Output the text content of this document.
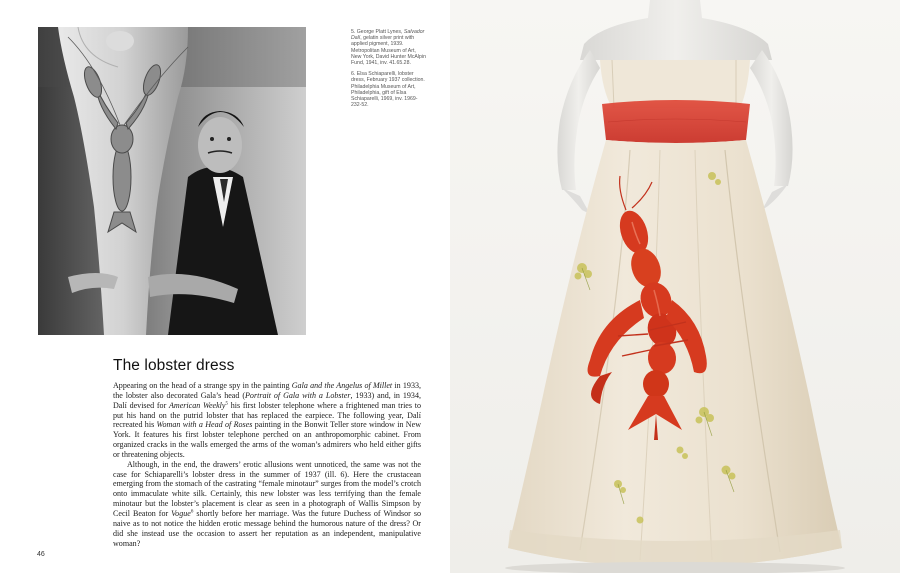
5. George Platt Lynes, Salvador Dalí, gelatin silver print with applied pigment, 1939. Metropolitan Museum of Art, New York, David Hunter McAlpin Fund, 1941, inv. 41.65.28.
6. Elsa Schiaparelli, lobster dress, February 1937 collection. Philadelphia Museum of Art, Philadelphia, gift of Elsa Schiaparelli, 1969, inv. 1969-232-52.
The lobster dress

Appearing on the head of a strange spy in the painting Gala and the Angelus of Millet in 1933, the lobster also decorated Gala’s head (Portrait of Gala with a Lobster, 1933) and, in 1934, Dalí devised for American Weekly$^5$ his first lobster telephone where a frightened man tries to put his hand on the putrid lobster that has replaced the earpiece. The following year, Dalí recreated his Woman with a Head of Roses painting in the Bonwit Teller store window in New York. It features his first lobster telephone perched on an anthropomorphic cabinet. From organized cracks in the walls emerged the arms of the woman’s admirers who held either gifts or threatening objects.

Although, in the end, the drawers’ erotic allusions went unnoticed, the same was not the case for Schiaparelli’s lobster dress in the summer of 1937 (ill. 6). Here the crustacean emerging from the stomach of the castrating “female minotaur” surges from the model’s crotch onto immaculate white silk. Certainly, this new lobster was less terrifying than the female minotaur but the lobster’s placement is clear as seen in a photograph of Wallis Simpson by Cecil Beaton for Vogue$^6$ shortly before her marriage. Was the future Duchess of Windsor so naive as to not notice the hidden erotic message behind the humorous nature of the dress? Or did she instead use the occasion to assert her reputation as an independent, manipulative woman?

46
